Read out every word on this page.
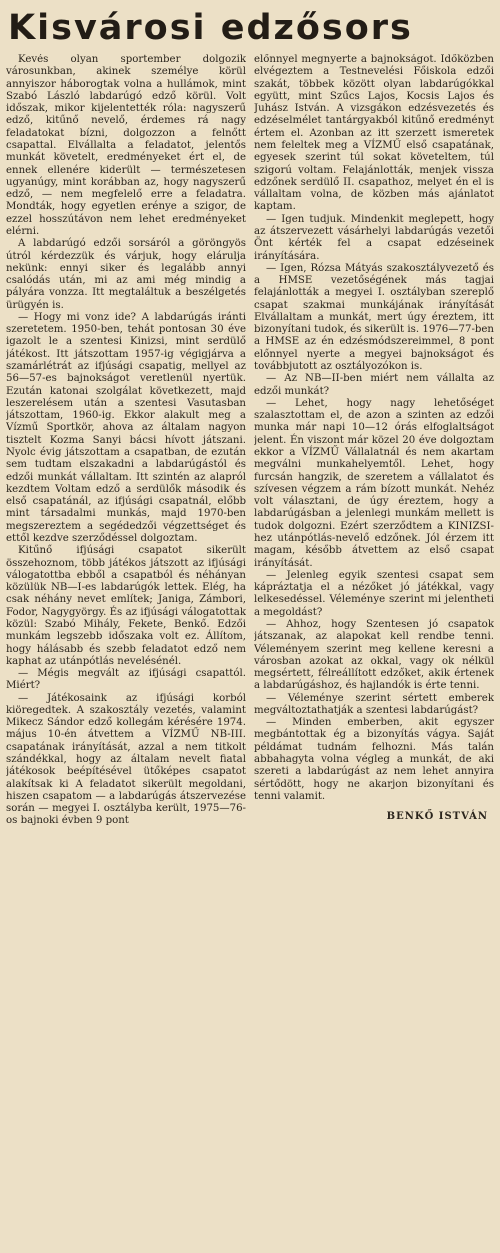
Kisvárosi edzősors

Kevés olyan sportember dolgozik városunkban, akinek személye körül annyiszor háborogtak volna a hullámok, mint Szabó László labdarúgó edző körül. Volt időszak, mikor kijelentették róla: nagyszerű edző, kitűnő nevelő, érdemes rá nagy feladatokat bízni, dolgozzon a felnőtt csapattal. Elvállalta a feladatot, jelentős munkát követelt, eredményeket ért el, de ennek ellenére kiderült — természetesen ugyanúgy, mint korábban az, hogy nagyszerű edző, — nem megfelelő erre a feladatra. Mondták, hogy egyetlen erénye a szigor, de ezzel hosszútávon nem lehet eredményeket elérni.

A labdarúgó edzői sorsáról a göröngyös útról kérdezzük és várjuk, hogy elárulja nekünk: ennyi siker és legalább annyi csalódás után, mi az ami még mindig a pályára vonzza. Itt megtaláltuk a beszélgetés ürügyén is.

— Hogy mi vonz ide? A labdarúgás iránti szeretetem. 1950-ben, tehát pontosan 30 éve igazolt le a szentesi Kinizsi, mint serdülő játékost. Itt játszottam 1957-ig végigjárva a szamárlétrát az ifjúsági csapatig, mellyel az 56—57-es bajnokságot veretlenül nyertük. Ezután katonai szolgálat következett, majd leszerelésem után a szentesi Vasutasban játszottam, 1960-ig. Ekkor alakult meg a Vízmű Sportkör, ahova az általam nagyon tisztelt Kozma Sanyi bácsi hívott játszani. Nyolc évig játszottam a csapatban, de ezután sem tudtam elszakadni a labdarúgástól és edzői munkát vállaltam. Itt szintén az alapról kezdtem Voltam edző a serdülők második és első csapatánál, az ifjúsági csapatnál, előbb mint társadalmi munkás, majd 1970-ben megszereztem a segédedzői végzettséget és ettől kezdve szerződéssel dolgoztam.

Kitűnő ifjúsági csapatot sikerült összehoznom, több játékos játszott az ifjúsági válogatottba ebből a csapatból és néhányan közülük NB—I-es labdarúgók lettek. Elég, ha csak néhány nevet említek; Janiga, Zámbori, Fodor, Nagygyörgy. És az ifjúsági válogatottak közül: Szabó Mihály, Fekete, Benkő. Edzői munkám legszebb időszaka volt ez. Állítom, hogy hálásabb és szebb feladatot edző nem kaphat az utánpótlás nevelésénél.

— Mégis megvált az ifjúsági csapattól. Miért?

— Játékosaink az ifjúsági korból kiöregedtek. A szakosztály vezetés, valamint Mikecz Sándor edző kollegám kérésére 1974. május 10-én átvettem a VÍZMŰ NB-III. csapatának irányítását, azzal a nem titkolt szándékkal, hogy az általam nevelt fiatal játékosok beépítésével ütőképes csapatot alakítsak ki A feladatot sikerült megoldani, hiszen csapatom — a labdarúgás átszervezése során — megyei I. osztályba került, 1975—76-os bajnoki évben 9 pont

előnnyel megnyerte a bajnokságot. Időközben elvégeztem a Testnevelési Főiskola edzői szakát, többek között olyan labdarúgókkal együtt, mint Szűcs Lajos, Kocsis Lajos és Juhász István. A vizsgákon edzésvezetés és edzéselmélet tantárgyakból kitűnő eredményt értem el. Azonban az itt szerzett ismeretek nem feleltek meg a VÍZMŰ első csapatának, egyesek szerint túl sokat követeltem, túl szigorú voltam. Felajánlották, menjek vissza edzőnek serdülő II. csapathoz, melyet én el is vállaltam volna, de közben más ajánlatot kaptam.

— Igen tudjuk. Mindenkit meglepett, hogy az átszervezett vásárhelyi labdarúgás vezetői Önt kérték fel a csapat edzéseinek irányítására.

— Igen, Rózsa Mátyás szakosztályvezető és a HMSE vezetőségének más tagjai felajánlották a megyei I. osztályban szereplő csapat szakmai munkájának irányítását Elvállaltam a munkát, mert úgy éreztem, itt bizonyítani tudok, és sikerült is. 1976—77-ben a HMSE az én edzésmódszereimmel, 8 pont előnnyel nyerte a megyei bajnokságot és továbbjutott az osztályozókon is.

— Az NB—II-ben miért nem vállalta az edzői munkát?

— Lehet, hogy nagy lehetőséget szalasztottam el, de azon a szinten az edzői munka már napi 10—12 órás elfoglaltságot jelent. Én viszont már közel 20 éve dolgoztam ekkor a VÍZMŰ Vállalatnál és nem akartam megválni munkahelyemtől. Lehet, hogy furcsán hangzik, de szeretem a vállalatot és szívesen végzem a rám bízott munkát. Nehéz volt választani, de úgy éreztem, hogy a labdarúgásban a jelenlegi munkám mellett is tudok dolgozni. Ezért szerződtem a KINIZSI-hez utánpótlás-nevelő edzőnek. Jól érzem itt magam, később átvettem az első csapat irányítását.

— Jelenleg egyik szentesi csapat sem kápráztatja el a nézőket jó játékkal, vagy lelkesedéssel. Véleménye szerint mi jelentheti a megoldást?

— Ahhoz, hogy Szentesen jó csapatok játszanak, az alapokat kell rendbe tenni. Véleményem szerint meg kellene keresni a városban azokat az okkal, vagy ok nélkül megsértett, félreállított edzőket, akik értenek a labdarúgáshoz, és hajlandók is érte tenni.

— Véleménye szerint sértett emberek megváltoztathatják a szentesi labdarúgást?

— Minden emberben, akit egyszer megbántottak ég a bizonyítás vágya. Saját példámat tudnám felhozni. Más talán abbahagyta volna végleg a munkát, de aki szereti a labdarúgást az nem lehet annyira sértődött, hogy ne akarjon bizonyítani és tenni valamit.

BENKŐ ISTVÁN
